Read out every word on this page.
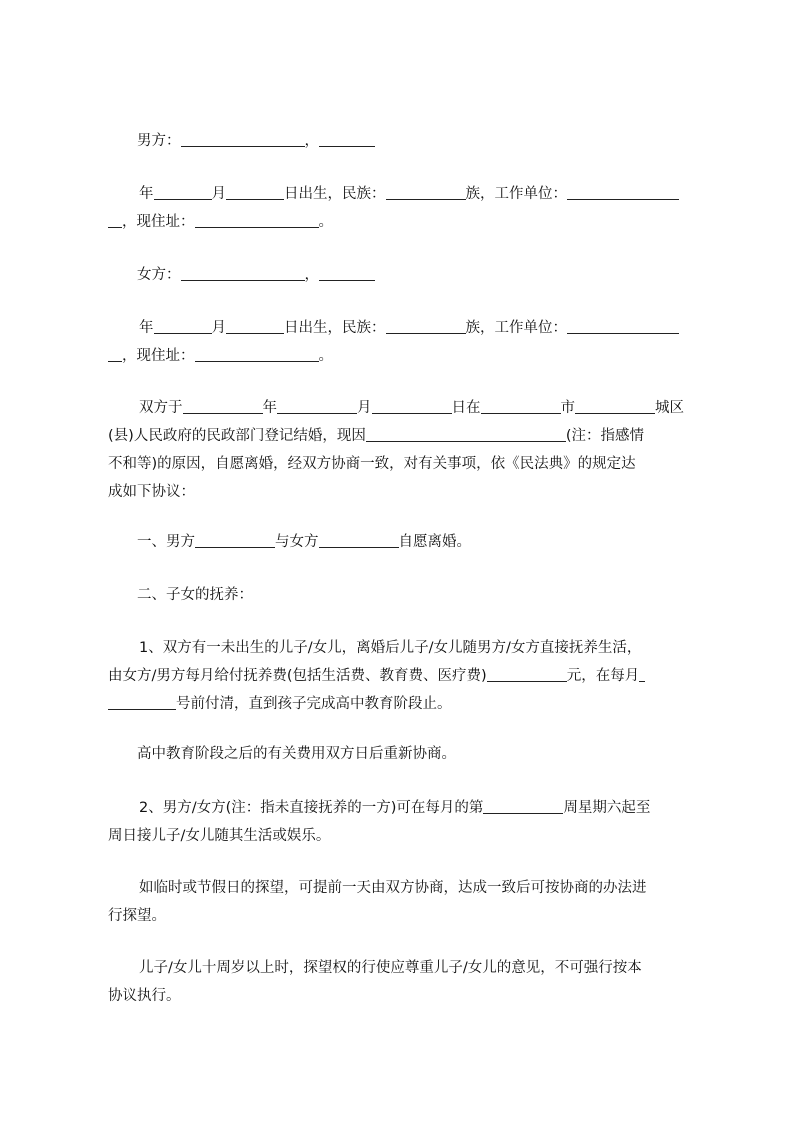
男方：	，
年	月	日出生，民族：	族，工作单位：
，现住址：	。
女方：	，
年	月	日出生，民族：	族，工作单位：
，现住址：	。
双方于	年	月	日在	市	城区
(县)人民政府的民政部门登记结婚，现因	(注：指感情
不和等)的原因，自愿离婚，经双方协商一致，对有关事项，依《民法典》的规定达
成如下协议：
一、男方	与女方	自愿离婚。
二、子女的抚养：
1、双方有一未出生的儿子/女儿，离婚后儿子/女儿随男方/女方直接抚养生活，
由女方/男方每月给付抚养费(包括生活费、教育费、医疗费)	元，在每月
号前付清，直到孩子完成高中教育阶段止。
高中教育阶段之后的有关费用双方日后重新协商。
2、男方/女方(注：指未直接抚养的一方)可在每月的第	周星期六起至
周日接儿子/女儿随其生活或娱乐。
如临时或节假日的探望，可提前一天由双方协商，达成一致后可按协商的办法进
行探望。
儿子/女儿十周岁以上时，探望权的行使应尊重儿子/女儿的意见，不可强行按本
协议执行。
